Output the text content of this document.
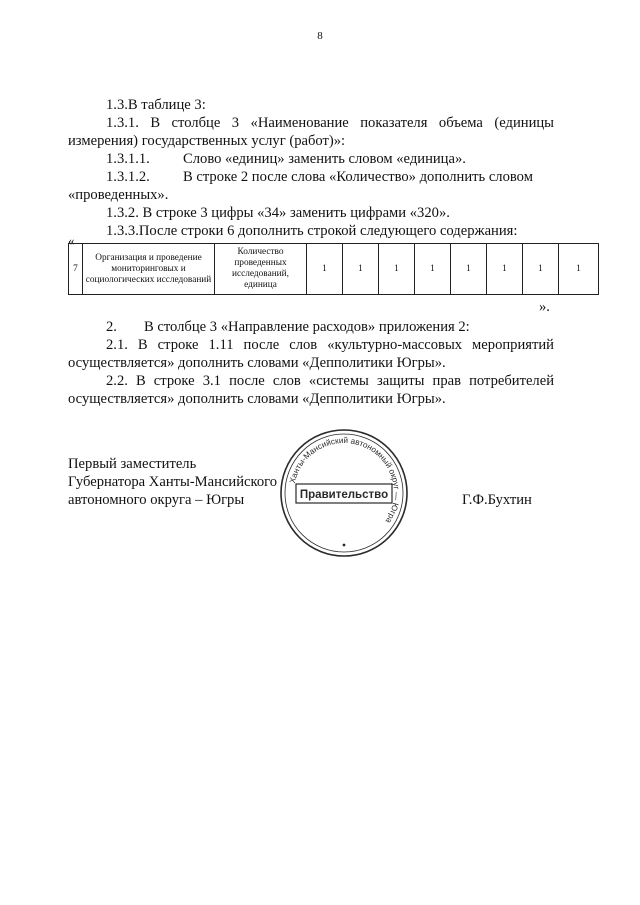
8
1.3.В таблице 3:
1.3.1. В столбце 3 «Наименование показателя объема (единицы
измерения) государственных услуг (работ)»:
1.3.1.1. Слово «единиц» заменить словом «единица».
1.3.1.2. В строке 2 после слова «Количество» дополнить словом
«проведенных».
1.3.2. В строке 3 цифры «34» заменить цифрами «320».
1.3.3.После строки 6 дополнить строкой следующего содержания:
«
7	Организация и проведение мониторинговых и социологических исследований	Количество проведенных исследований, единица	1	1	1	1	1	1	1	1
».
2. В столбце 3 «Направление расходов» приложения 2:
2.1. В строке 1.11 после слов «культурно-массовых мероприятий
осуществляется» дополнить словами «Депполитики Югры».
2.2. В строке 3.1 после слов «системы защиты прав потребителей
осуществляется» дополнить словами «Депполитики Югры».
Первый заместитель
Губернатора Ханты-Мансийского
автономного округа – Югры	Г.Ф.Бухтин
Ханты-Мансийский автономный округ — Югра
Правительство
